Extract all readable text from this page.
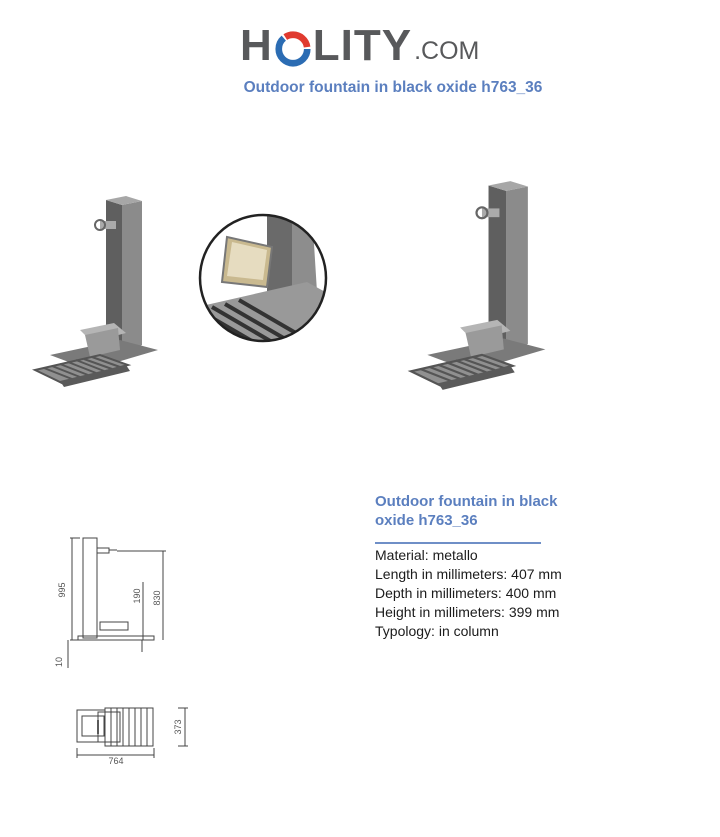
H LITY .COM
Outdoor fountain in black oxide h763_36
995
830
190
10
764
373
Outdoor fountain in black oxide h763_36
Material: metallo
Length in millimeters: 407 mm
Depth in millimeters: 400 mm
Height in millimeters: 399 mm
Typology: in column
